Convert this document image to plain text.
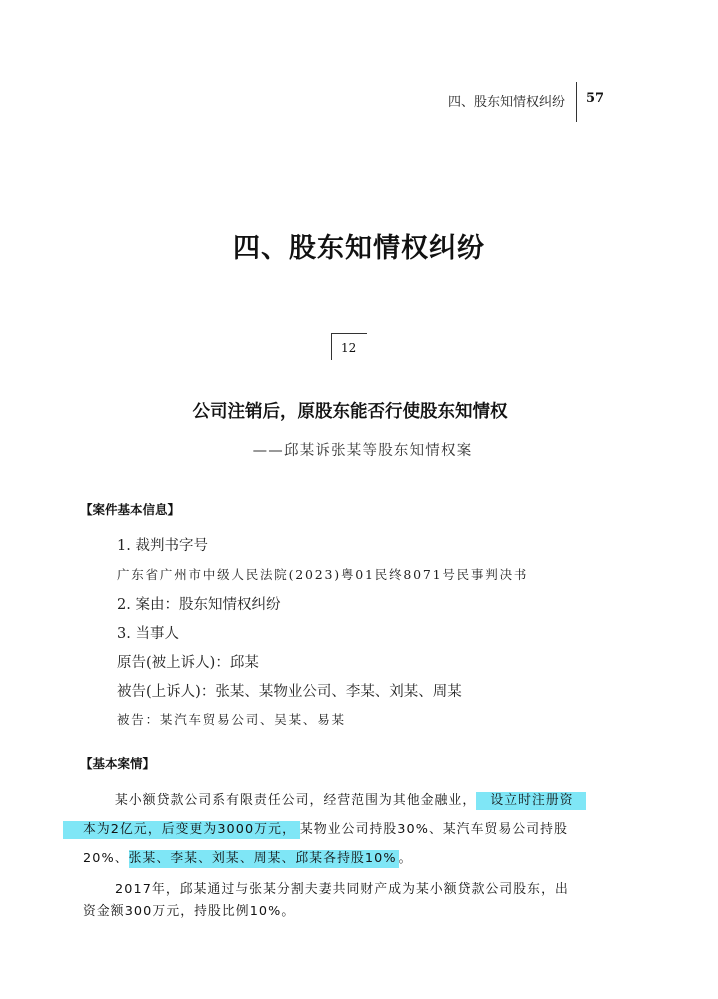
四、股东知情权纠纷 57
四、股东知情权纠纷
12
公司注销后，原股东能否行使股东知情权
——邱某诉张某等股东知情权案
【案件基本信息】
1. 裁判书字号
广东省广州市中级人民法院(2023)粤01民终8071号民事判决书
2. 案由：股东知情权纠纷
3. 当事人
原告(被上诉人)：邱某
被告(上诉人)：张某、某物业公司、李某、刘某、周某
被告：某汽车贸易公司、吴某、易某
【基本案情】
某小额贷款公司系有限责任公司，经营范围为其他金融业， 设立时注册资
本为2亿元，后变更为3000万元， 某物业公司持股30%、某汽车贸易公司持股
20%、张某、李某、刘某、周某、邱某各持股10% 。
2017年，邱某通过与张某分割夫妻共同财产成为某小额贷款公司股东，出
资金额300万元，持股比例10%。
